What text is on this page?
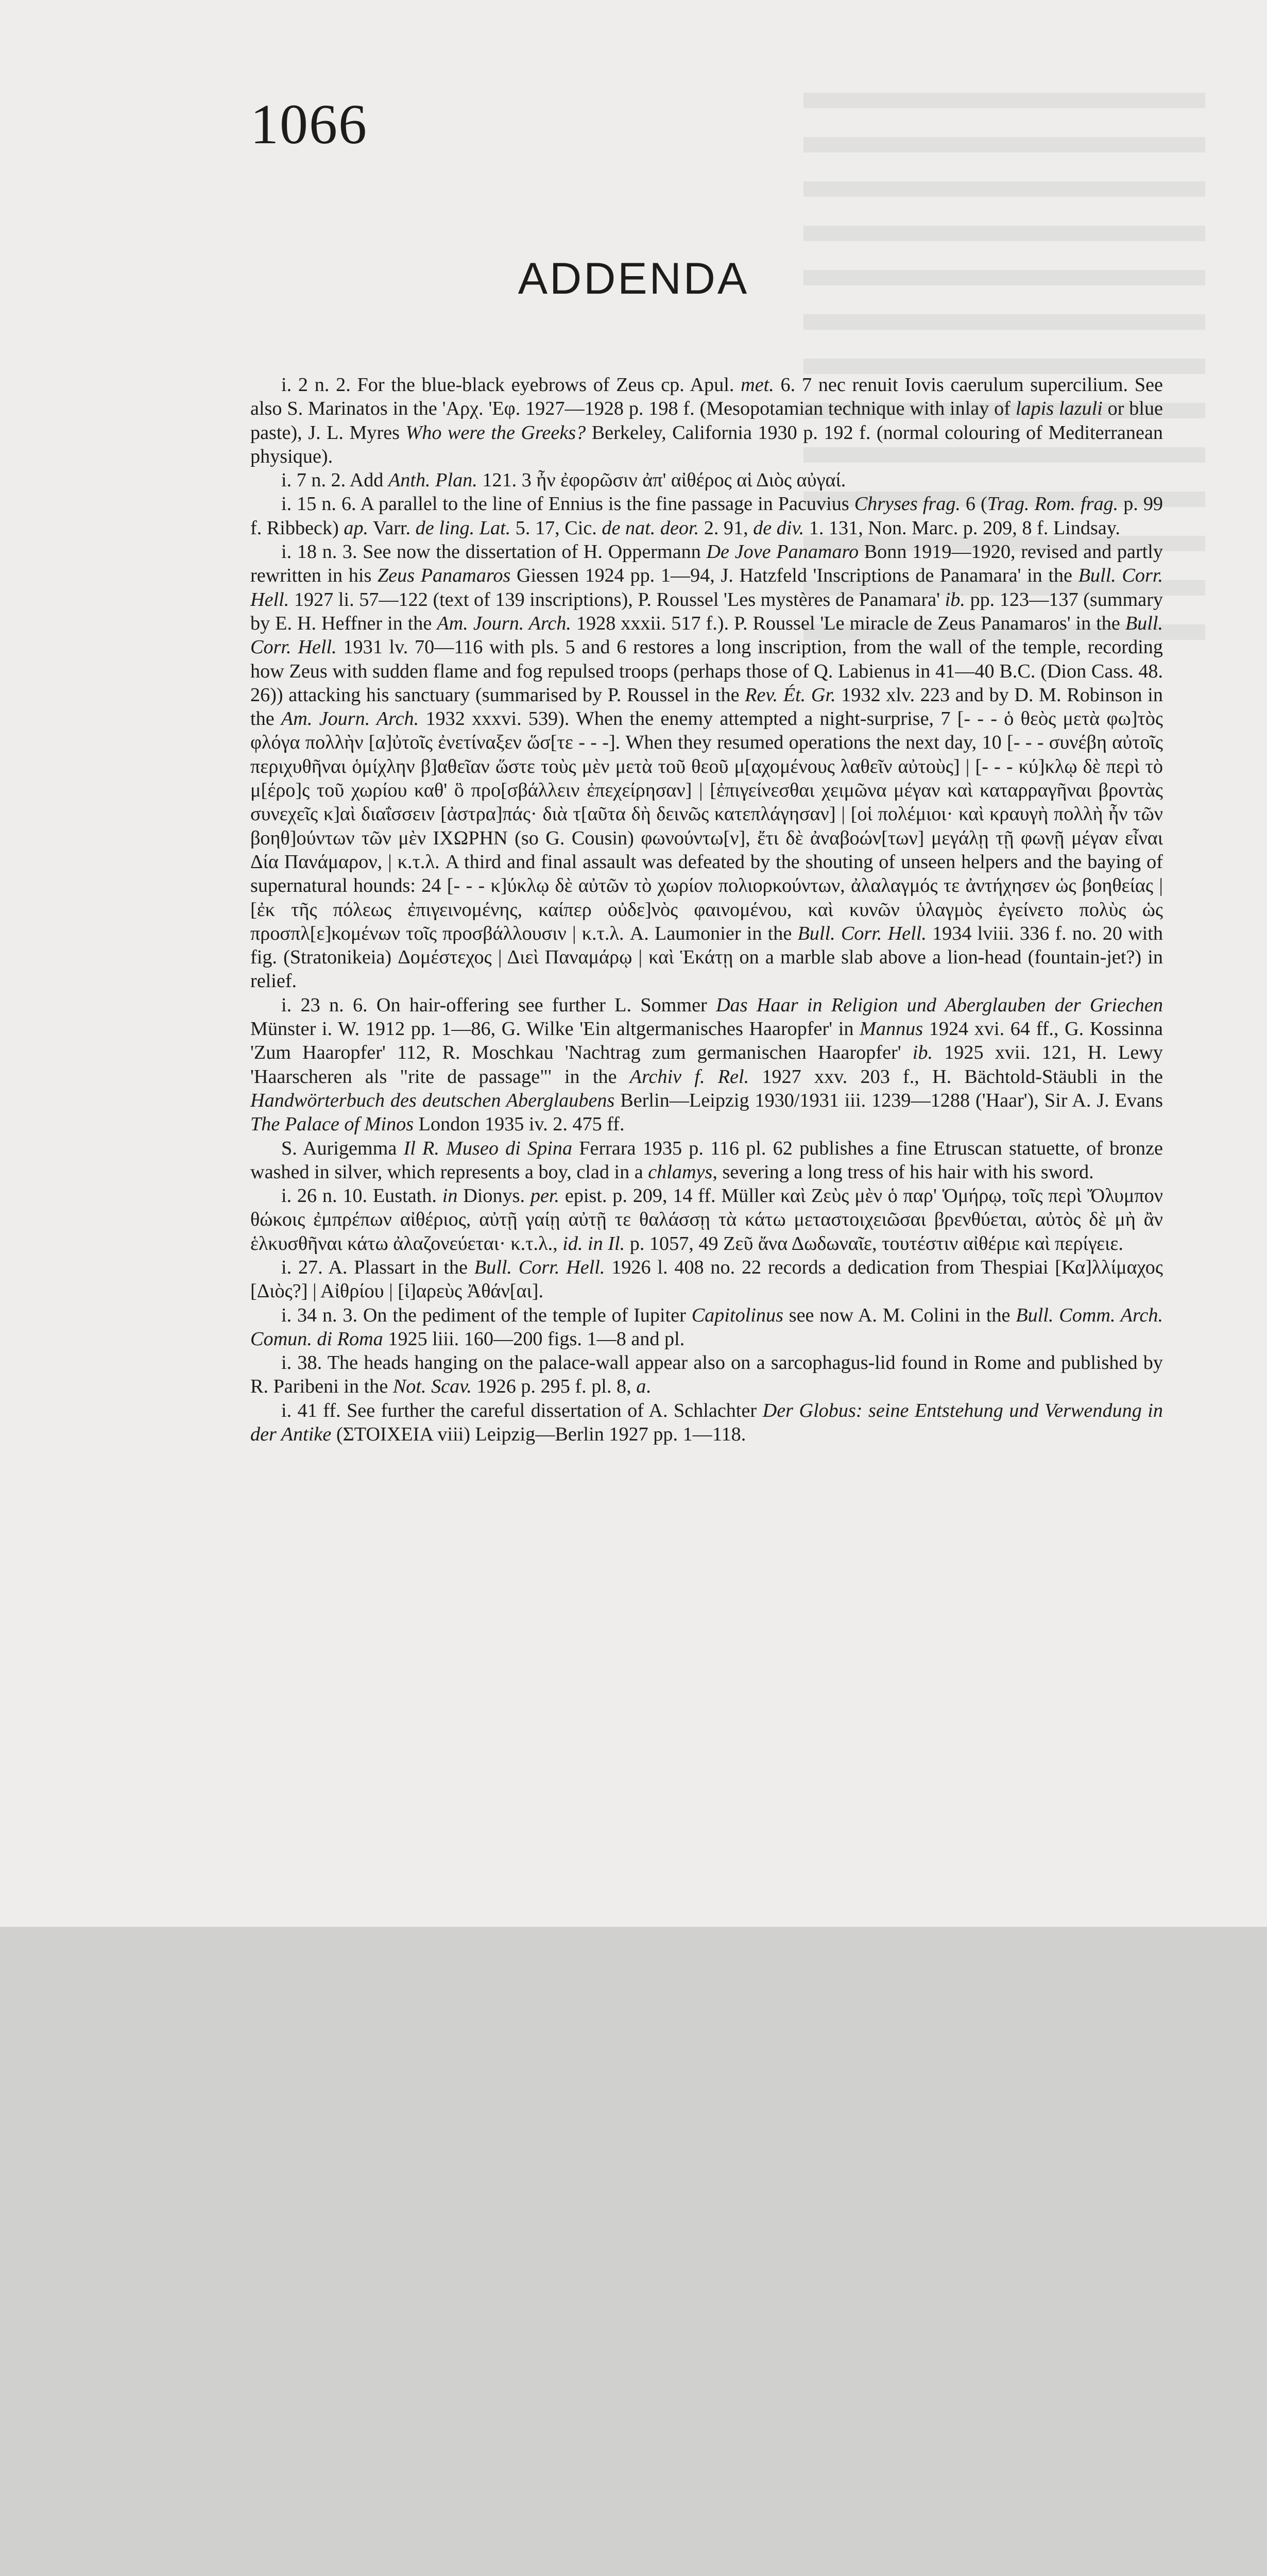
1066
ADDENDA

i. 2 n. 2. For the blue-black eyebrows of Zeus cp. Apul. met. 6. 7 nec renuit Iovis caerulum supercilium. See also S. Marinatos in the 'Αρχ. 'Εφ. 1927—1928 p. 198 f. (Mesopotamian technique with inlay of lapis lazuli or blue paste), J. L. Myres Who were the Greeks? Berkeley, California 1930 p. 192 f. (normal colouring of Mediterranean physique).

i. 7 n. 2. Add Anth. Plan. 121. 3 ἦν ἐφορῶσιν ἀπ' αἰθέρος αἱ Διὸς αὐγαί.

i. 15 n. 6. A parallel to the line of Ennius is the fine passage in Pacuvius Chryses frag. 6 (Trag. Rom. frag. p. 99 f. Ribbeck) ap. Varr. de ling. Lat. 5. 17, Cic. de nat. deor. 2. 91, de div. 1. 131, Non. Marc. p. 209, 8 f. Lindsay.

i. 18 n. 3. See now the dissertation of H. Oppermann De Jove Panamaro Bonn 1919—1920, revised and partly rewritten in his Zeus Panamaros Giessen 1924 pp. 1—94, J. Hatzfeld 'Inscriptions de Panamara' in the Bull. Corr. Hell. 1927 li. 57—122 (text of 139 inscriptions), P. Roussel 'Les mystères de Panamara' ib. pp. 123—137 (summary by E. H. Heffner in the Am. Journ. Arch. 1928 xxxii. 517 f.). P. Roussel 'Le miracle de Zeus Panamaros' in the Bull. Corr. Hell. 1931 lv. 70—116 with pls. 5 and 6 restores a long inscription, from the wall of the temple, recording how Zeus with sudden flame and fog repulsed troops (perhaps those of Q. Labienus in 41—40 B.C. (Dion Cass. 48. 26)) attacking his sanctuary (summarised by P. Roussel in the Rev. Ét. Gr. 1932 xlv. 223 and by D. M. Robinson in the Am. Journ. Arch. 1932 xxxvi. 539). When the enemy attempted a night-surprise, 7 [- - - ὁ θεὸς μετὰ φω]τὸς φλόγα πολλὴν [α]ὐτοῖς ἐνετίναξεν ὥσ[τε - - -]. When they resumed operations the next day, 10 [- - - συνέβη αὐτοῖς περιχυθῆναι ὁμίχλην β]αθεῖαν ὥστε τοὺς μὲν μετὰ τοῦ θεοῦ μ[αχομένους λαθεῖν αὐτοὺς] | [- - - κύ]κλῳ δὲ περὶ τὸ μ[έρο]ς τοῦ χωρίου καθ' ὃ προ[σβάλλειν ἐπεχείρησαν] | [ἐπιγείνεσθαι χειμῶνα μέγαν καὶ καταρραγῆναι βροντὰς συνεχεῖς κ]αὶ διαΐσσειν [ἀστρα]πάς· διὰ τ[αῦτα δὴ δεινῶς κατεπλάγησαν] | [οἱ πολέμιοι· καὶ κραυγὴ πολλὴ ἦν τῶν βοηθ]ούντων τῶν μὲν ΙΧΩΡΗΝ (so G. Cousin) φωνούντω[ν], ἔτι δὲ ἀναβοών[των] μεγάλῃ τῇ φωνῇ μέγαν εἶναι Δία Πανάμαρον, | κ.τ.λ. A third and final assault was defeated by the shouting of unseen helpers and the baying of supernatural hounds: 24 [- - - κ]ύκλῳ δὲ αὐτῶν τὸ χωρίον πολιορκούντων, ἀλαλαγμός τε ἀντήχησεν ὡς βοηθείας | [ἐκ τῆς πόλεως ἐπιγεινομένης, καίπερ οὐδε]νὸς φαινομένου, καὶ κυνῶν ὑλαγμὸς ἐγείνετο πολὺς ὡς προσπλ[ε]κομένων τοῖς προσβάλλουσιν | κ.τ.λ. A. Laumonier in the Bull. Corr. Hell. 1934 lviii. 336 f. no. 20 with fig. (Stratonikeia) Δομέστεχος | Διεὶ Παναμάρῳ | καὶ Ἑκάτῃ on a marble slab above a lion-head (fountain-jet?) in relief.

i. 23 n. 6. On hair-offering see further L. Sommer Das Haar in Religion und Aberglauben der Griechen Münster i. W. 1912 pp. 1—86, G. Wilke 'Ein altgermanisches Haaropfer' in Mannus 1924 xvi. 64 ff., G. Kossinna 'Zum Haaropfer' 112, R. Moschkau 'Nachtrag zum germanischen Haaropfer' ib. 1925 xvii. 121, H. Lewy 'Haarscheren als "rite de passage"' in the Archiv f. Rel. 1927 xxv. 203 f., H. Bächtold-Stäubli in the Handwörterbuch des deutschen Aberglaubens Berlin—Leipzig 1930/1931 iii. 1239—1288 ('Haar'), Sir A. J. Evans The Palace of Minos London 1935 iv. 2. 475 ff.

S. Aurigemma Il R. Museo di Spina Ferrara 1935 p. 116 pl. 62 publishes a fine Etruscan statuette, of bronze washed in silver, which represents a boy, clad in a chlamys, severing a long tress of his hair with his sword.

i. 26 n. 10. Eustath. in Dionys. per. epist. p. 209, 14 ff. Müller καὶ Ζεὺς μὲν ὁ παρ' Ὁμήρῳ, τοῖς περὶ Ὄλυμπον θώκοις ἐμπρέπων αἰθέριος, αὐτῇ γαίῃ αὐτῇ τε θαλάσσῃ τὰ κάτω μεταστοιχειῶσαι βρενθύεται, αὐτὸς δὲ μὴ ἂν ἑλκυσθῆναι κάτω ἀλαζονεύεται· κ.τ.λ., id. in Il. p. 1057, 49 Ζεῦ ἄνα Δωδωναῖε, τουτέστιν αἰθέριε καὶ περίγειε.

i. 27. A. Plassart in the Bull. Corr. Hell. 1926 l. 408 no. 22 records a dedication from Thespiai [Κα]λλίμαχος [Διὸς?] | Αἰθρίου | [ἱ]αρεὺς Ἀθάν[αι].

i. 34 n. 3. On the pediment of the temple of Iupiter Capitolinus see now A. M. Colini in the Bull. Comm. Arch. Comun. di Roma 1925 liii. 160—200 figs. 1—8 and pl.

i. 38. The heads hanging on the palace-wall appear also on a sarcophagus-lid found in Rome and published by R. Paribeni in the Not. Scav. 1926 p. 295 f. pl. 8, a.

i. 41 ff. See further the careful dissertation of A. Schlachter Der Globus: seine Entstehung und Verwendung in der Antike (ΣΤΟΙΧΕΙΑ viii) Leipzig—Berlin 1927 pp. 1—118.
